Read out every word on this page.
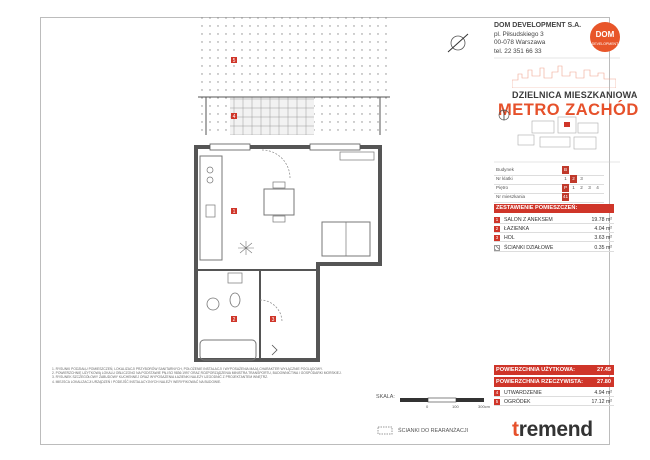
5
4
1
2	3
DOM DEVELOPMENT S.A.
pl. Piłsudskiego 3
00-078 Warszawa
tel. 22 351 66 33
DOM
DEVELOPMENT
DZIELNICA MIESZKANIOWA
METRO ZACHÓD
Budynek	B
Nr klatki	1	2	3
Piętro	P	1	2	3	4
Nr mieszkania	41
ZESTAWIENIE POMIESZCZEŃ:
1	SALON Z ANEKSEM	19.78 m²
2	ŁAZIENKA	4.04 m²
3	HOL	3.63 m²
ŚCIANKI DZIAŁOWE	0.35 m²
POWIERZCHNIA UŻYTKOWA:	27.45
POWIERZCHNIA RZECZYWISTA: 27.80
4	UTWARDZENIE	4.94 m²
5	OGRÓDEK	17.12 m²
1. RYSUNKI PODZIAŁU POMIESZCZEŃ, LOKALIZACJI PRZYBORÓW SANITARNYCH, POŁOŻENIE INSTALACJI I WYPOSAŻENIA MAJĄ CHARAKTER WYŁĄCZNIE POGLĄDOWY.
2. POWIERZCHNIĘ UŻYTKOWĄ LOKALU OBLICZONO NA PODSTAWIE PN-ISO 9836:1997 ORAZ ROZPORZĄDZENIA MINISTRA TRANSPORTU, BUDOWNICTWA I GOSPODARKI MORSKIEJ.
3. RYSUNEK SZCZEGÓŁOWY ZABUDOWY KUCHENNEJ ORAZ WYPOSAŻENIA ŁAZIENKI NALEŻY UZGODNIĆ Z PROJEKTANTEM WNĘTRZ.
4. MIEJSCA LOKALIZACJI URZĄDZEŃ I PODEJŚĆ INSTALACYJNYCH NALEŻY WERYFIKOWAĆ NA BUDOWIE.
SKALA:
0	100	300cm
ŚCIANKI DO REARANŻACJI tremend
